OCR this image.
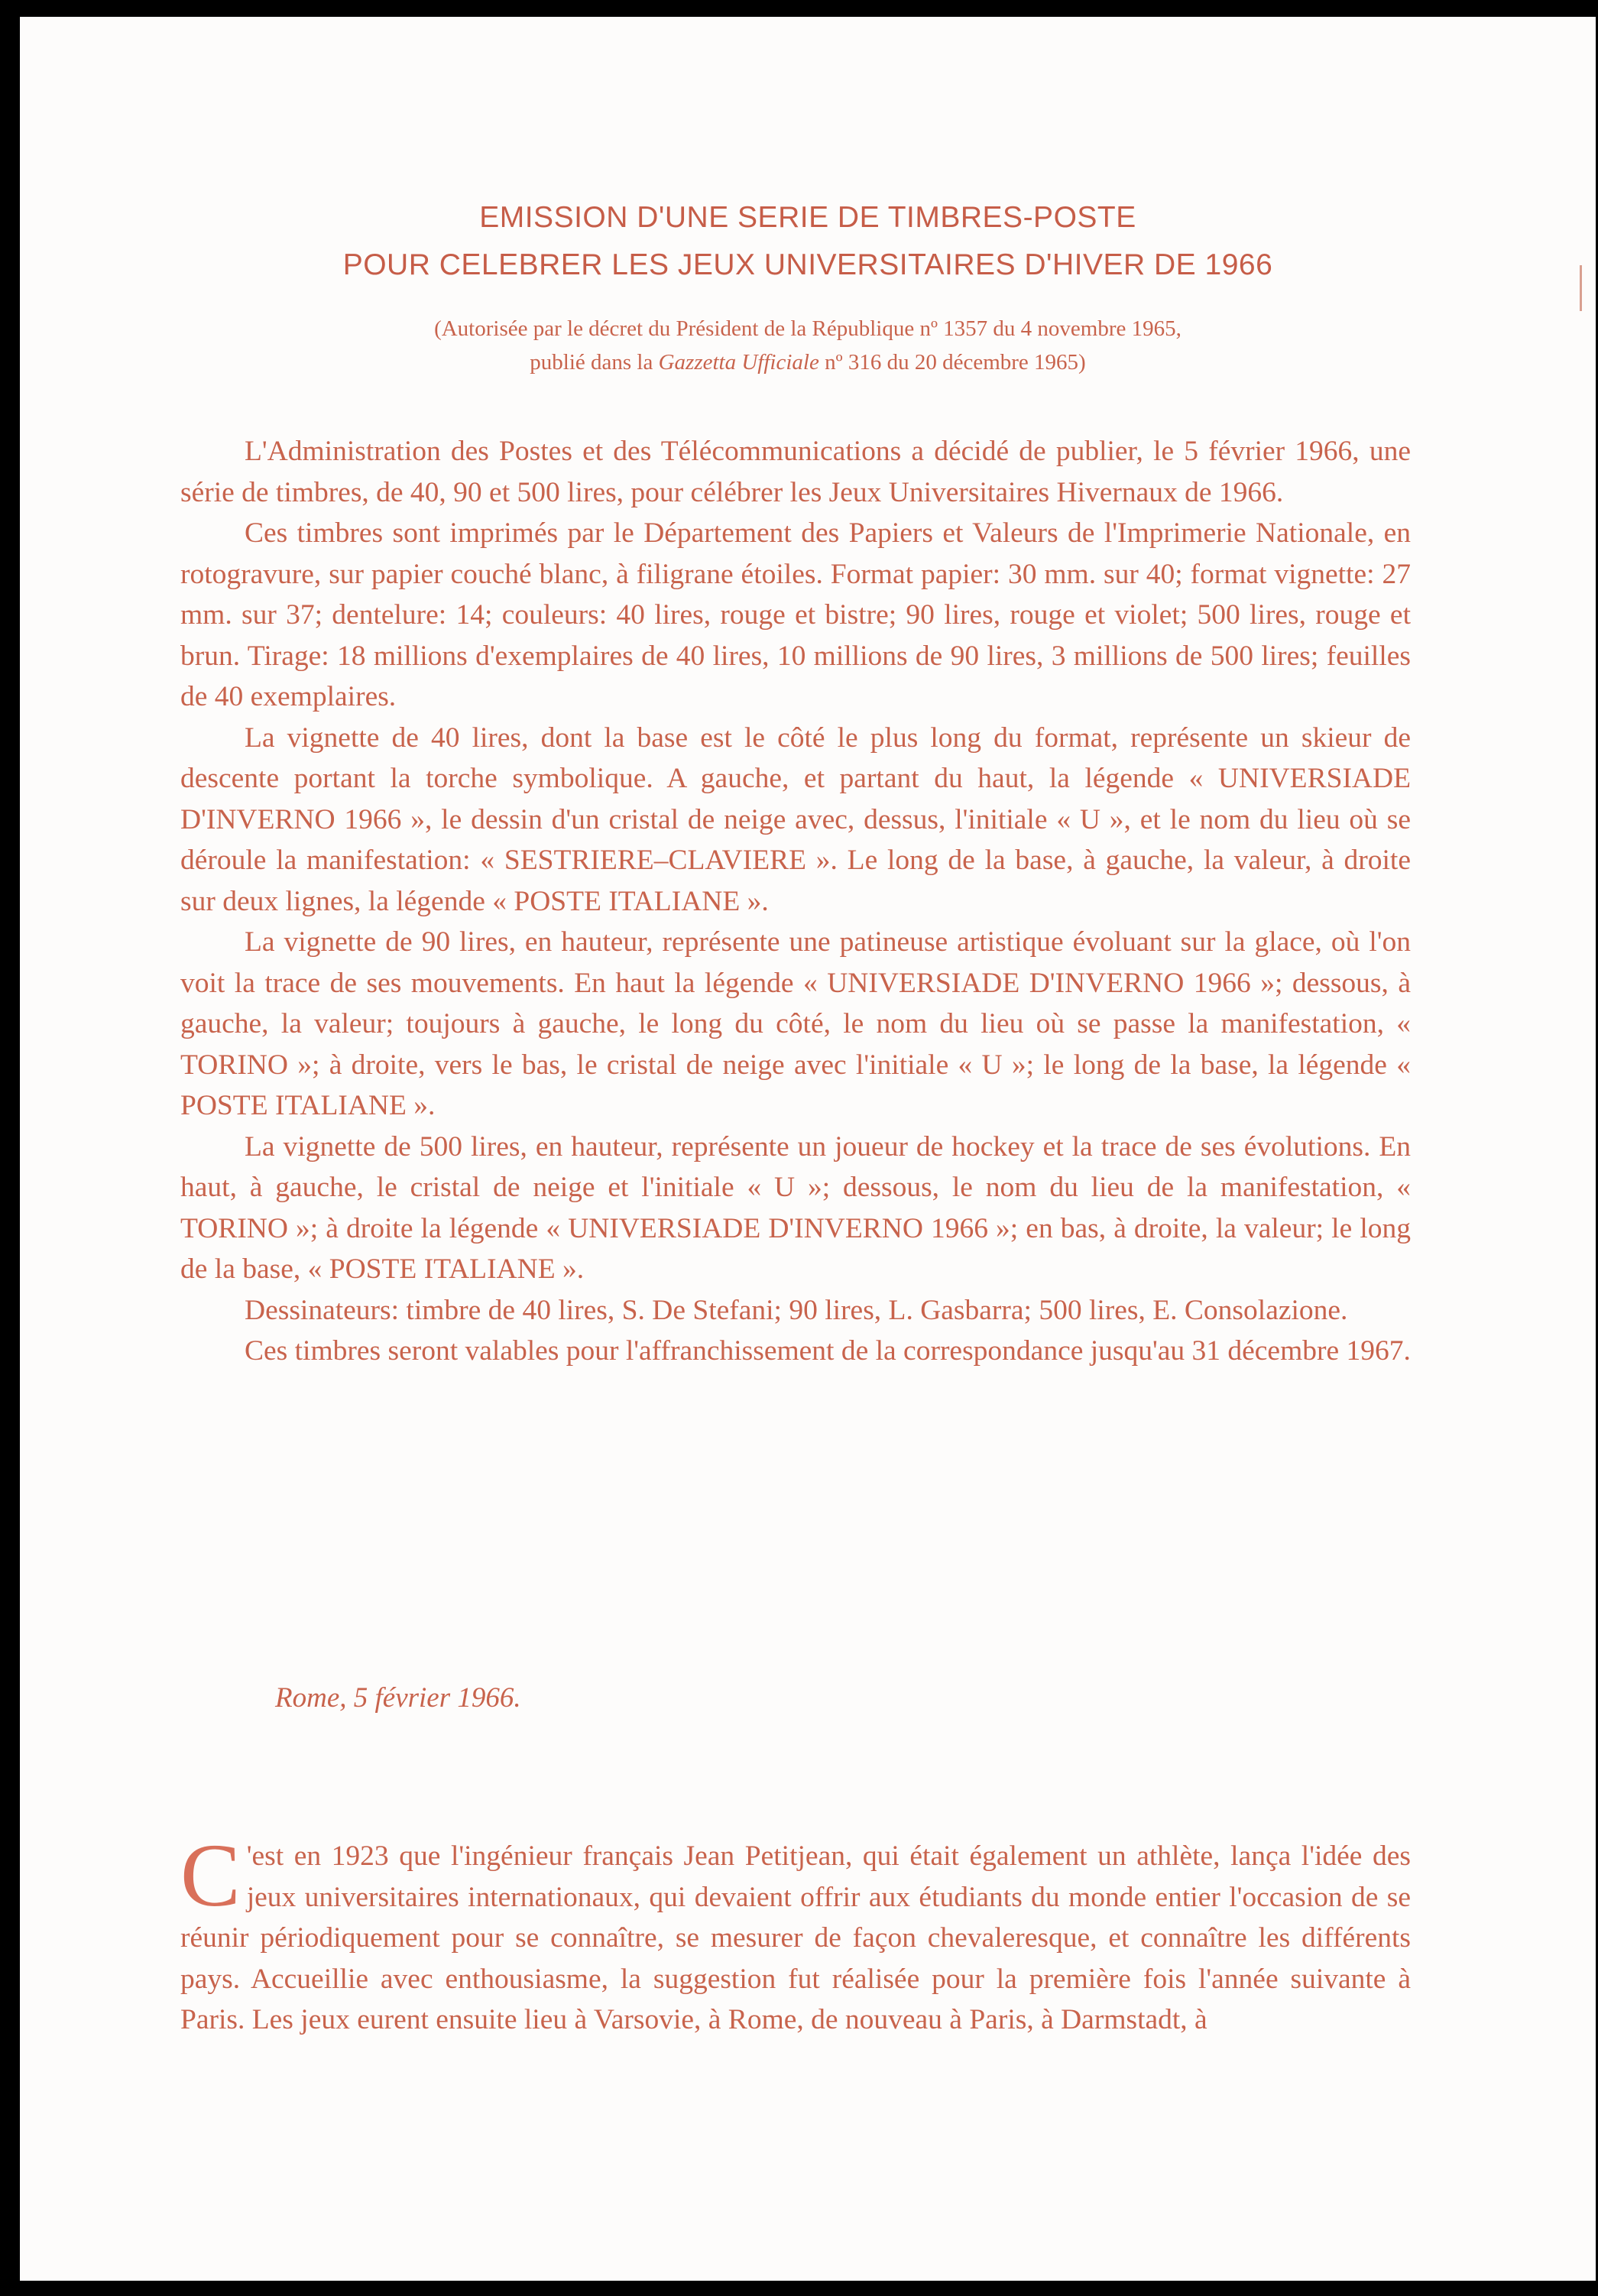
EMISSION D'UNE SERIE DE TIMBRES-POSTE
POUR CELEBRER LES JEUX UNIVERSITAIRES D'HIVER DE 1966
(Autorisée par le décret du Président de la République nº 1357 du 4 novembre 1965,
publié dans la Gazzetta Ufficiale nº 316 du 20 décembre 1965)

L'Administration des Postes et des Télécommunications a décidé de publier, le 5 février 1966, une série de timbres, de 40, 90 et 500 lires, pour célébrer les Jeux Universitaires Hivernaux de 1966.

Ces timbres sont imprimés par le Département des Papiers et Valeurs de l'Imprimerie Nationale, en rotogravure, sur papier couché blanc, à filigrane étoiles. Format papier: 30 mm. sur 40; format vignette: 27 mm. sur 37; dentelure: 14; couleurs: 40 lires, rouge et bistre; 90 lires, rouge et violet; 500 lires, rouge et brun. Tirage: 18 millions d'exemplaires de 40 lires, 10 millions de 90 lires, 3 millions de 500 lires; feuilles de 40 exemplaires.

La vignette de 40 lires, dont la base est le côté le plus long du format, représente un skieur de descente portant la torche symbolique. A gauche, et partant du haut, la légende « UNIVERSIADE D'INVERNO 1966 », le dessin d'un cristal de neige avec, dessus, l'initiale « U », et le nom du lieu où se déroule la manifestation: « SESTRIERE–CLAVIERE ». Le long de la base, à gauche, la valeur, à droite sur deux lignes, la légende « POSTE ITALIANE ».

La vignette de 90 lires, en hauteur, représente une patineuse artistique évoluant sur la glace, où l'on voit la trace de ses mouvements. En haut la légende « UNIVERSIADE D'INVERNO 1966 »; dessous, à gauche, la valeur; toujours à gauche, le long du côté, le nom du lieu où se passe la manifestation, « TORINO »; à droite, vers le bas, le cristal de neige avec l'initiale « U »; le long de la base, la légende « POSTE ITALIANE ».

La vignette de 500 lires, en hauteur, représente un joueur de hockey et la trace de ses évolutions. En haut, à gauche, le cristal de neige et l'initiale « U »; dessous, le nom du lieu de la manifestation, « TORINO »; à droite la légende « UNIVERSIADE D'INVERNO 1966 »; en bas, à droite, la valeur; le long de la base, « POSTE ITALIANE ».

Dessinateurs: timbre de 40 lires, S. De Stefani; 90 lires, L. Gasbarra; 500 lires, E. Consolazione.

Ces timbres seront valables pour l'affranchissement de la correspondance jusqu'au 31 décembre 1967.

Rome, 5 février 1966.

C 'est en 1923 que l'ingénieur français Jean Petitjean, qui était également un athlète, lança l'idée des jeux universitaires internationaux, qui devaient offrir aux étudiants du monde entier l'occasion de se réunir périodiquement pour se connaître, se mesurer de façon chevaleresque, et connaître les différents pays. Accueillie avec enthousiasme, la suggestion fut réalisée pour la première fois l'année suivante à Paris. Les jeux eurent ensuite lieu à Varsovie, à Rome, de nouveau à Paris, à Darmstadt, à
